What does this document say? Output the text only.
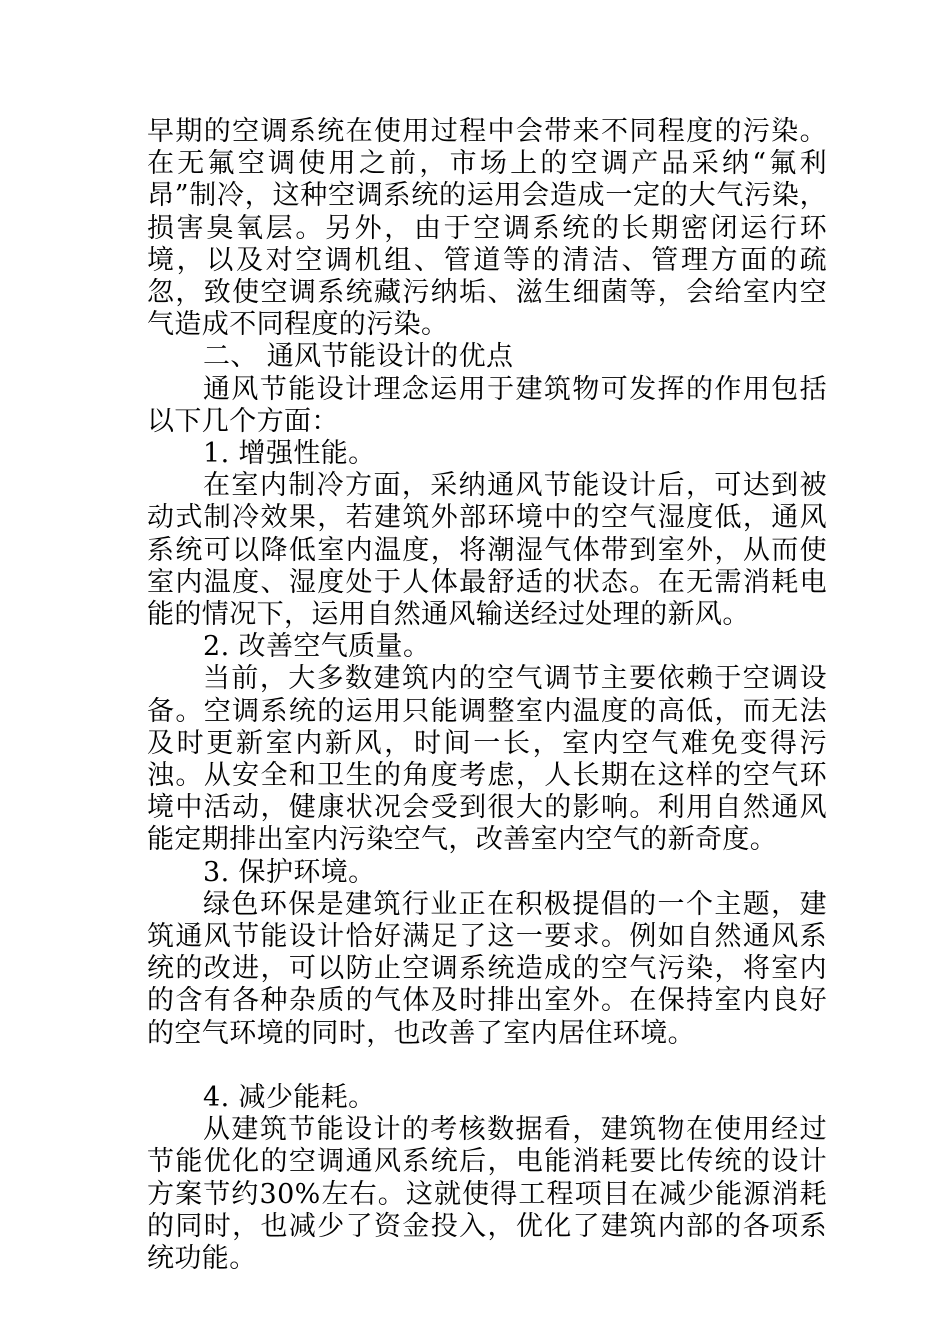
早期的空调系统在使用过程中会带来不同程度的污染。在无氟空调使用之前，市场上的空调产品采纳“氟利昂”制冷，这种空调系统的运用会造成一定的大气污染，损害臭氧层。另外，由于空调系统的长期密闭运行环境，以及对空调机组、管道等的清洁、管理方面的疏忽，致使空调系统藏污纳垢、滋生细菌等，会给室内空气造成不同程度的污染。

二、 通风节能设计的优点

通风节能设计理念运用于建筑物可发挥的作用包括以下几个方面：

1. 增强性能。

在室内制冷方面，采纳通风节能设计后，可达到被动式制冷效果，若建筑外部环境中的空气湿度低，通风系统可以降低室内温度，将潮湿气体带到室外，从而使室内温度、湿度处于人体最舒适的状态。在无需消耗电能的情况下，运用自然通风输送经过处理的新风。

2. 改善空气质量。

当前，大多数建筑内的空气调节主要依赖于空调设备。空调系统的运用只能调整室内温度的高低，而无法及时更新室内新风，时间一长，室内空气难免变得污浊。从安全和卫生的角度考虑，人长期在这样的空气环境中活动，健康状况会受到很大的影响。利用自然通风能定期排出室内污染空气，改善室内空气的新奇度。

3. 保护环境。

绿色环保是建筑行业正在积极提倡的一个主题，建筑通风节能设计恰好满足了这一要求。例如自然通风系统的改进，可以防止空调系统造成的空气污染，将室内的含有各种杂质的气体及时排出室外。在保持室内良好的空气环境的同时，也改善了室内居住环境。

4. 减少能耗。

从建筑节能设计的考核数据看，建筑物在使用经过节能优化的空调通风系统后，电能消耗要比传统的设计方案节约30%左右。这就使得工程项目在减少能源消耗的同时，也减少了资金投入，优化了建筑内部的各项系统功能。
